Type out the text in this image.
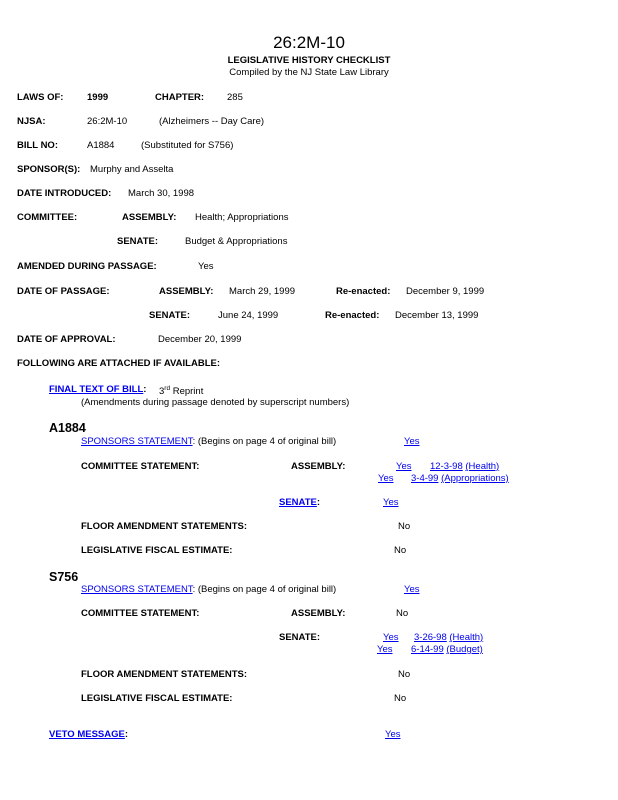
26:2M-10
LEGISLATIVE HISTORY CHECKLIST
Compiled by the NJ State Law Library
LAWS OF: 1999	CHAPTER: 285
NJSA:	26:2M-10	(Alzheimers -- Day Care)
BILL NO:	A1884	(Substituted for S756)
SPONSOR(S): Murphy and Asselta
DATE INTRODUCED: March 30, 1998
COMMITTEE:	ASSEMBLY: Health; Appropriations
SENATE:	Budget & Appropriations
AMENDED DURING PASSAGE:	Yes
DATE OF PASSAGE:	ASSEMBLY: March 29, 1999	Re-enacted: December 9, 1999
SENATE:	June 24, 1999	Re-enacted: December 13, 1999
DATE OF APPROVAL:	December 20, 1999
FOLLOWING ARE ATTACHED IF AVAILABLE:
FINAL TEXT OF BILL: 3rd Reprint
(Amendments during passage denoted by superscript numbers)
A1884
SPONSORS STATEMENT: (Begins on page 4 of original bill)	Yes
COMMITTEE STATEMENT:	ASSEMBLY:	Yes 12-3-98 (Health)
Yes 3-4-99 (Appropriations)
SENATE:	Yes
FLOOR AMENDMENT STATEMENTS:	No
LEGISLATIVE FISCAL ESTIMATE:	No
S756
SPONSORS STATEMENT: (Begins on page 4 of original bill)	Yes
COMMITTEE STATEMENT:	ASSEMBLY:	No
SENATE:	Yes 3-26-98 (Health)
Yes 6-14-99 (Budget)
FLOOR AMENDMENT STATEMENTS:	No
LEGISLATIVE FISCAL ESTIMATE:	No
VETO MESSAGE:	Yes
